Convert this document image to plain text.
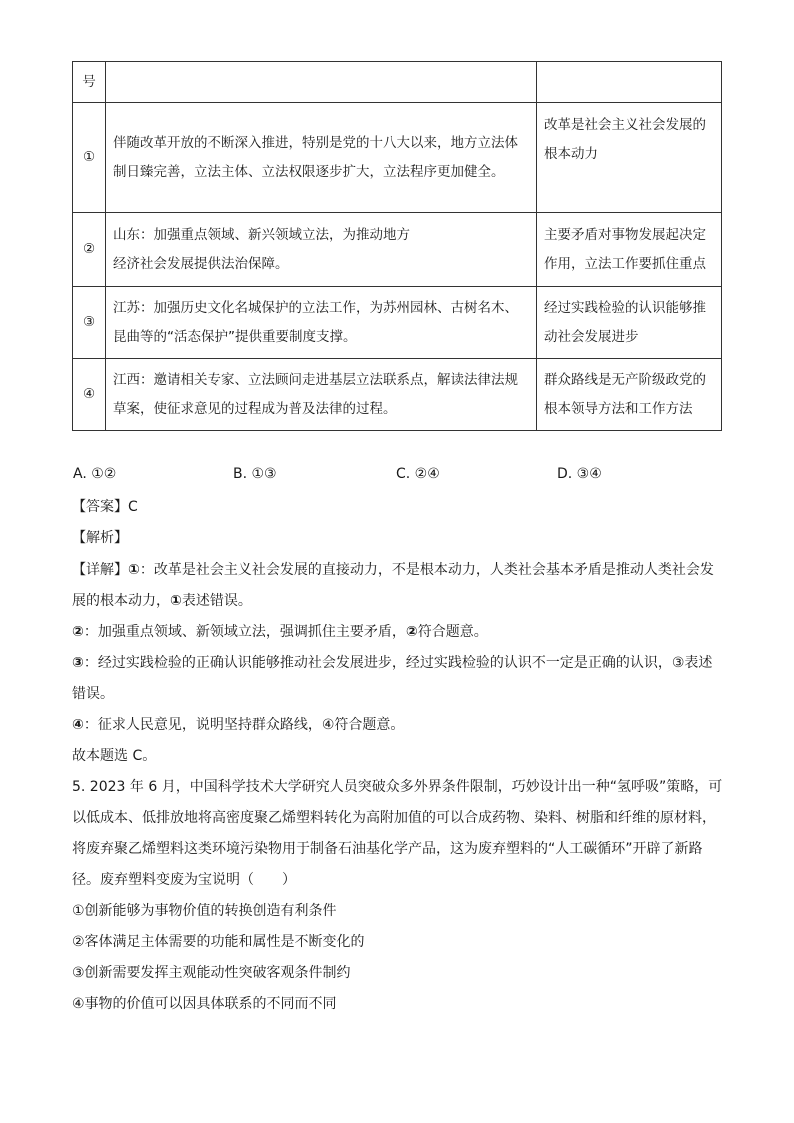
号		
①	伴随改革开放的不断深入推进，特别是党的十八大以来，地方立法体
制日臻完善，立法主体、立法权限逐步扩大，立法程序更加健全。	改革是社会主义社会发展的
根本动力

②	山东：加强重点领域、新兴领域立法，为推动地方
经济社会发展提供法治保障。	主要矛盾对事物发展起决定
作用，立法工作要抓住重点

③	江苏：加强历史文化名城保护的立法工作，为苏州园林、古树名木、
昆曲等的“活态保护”提供重要制度支撑。	经过实践检验的认识能够推
动社会发展进步

④	江西：邀请相关专家、立法顾问走进基层立法联系点，解读法律法规
草案，使征求意见的过程成为普及法律的过程。	群众路线是无产阶级政党的
根本领导方法和工作方法
A. ①②	B. ①③	C. ②④	D. ③④
【答案】C
【解析】
【详解】①：改革是社会主义社会发展的直接动力，不是根本动力，人类社会基本矛盾是推动人类社会发
展的根本动力，①表述错误。
②：加强重点领域、新领域立法，强调抓住主要矛盾，②符合题意。
③：经过实践检验的正确认识能够推动社会发展进步，经过实践检验的认识不一定是正确的认识，③表述
错误。
④：征求人民意见，说明坚持群众路线，④符合题意。
故本题选 C。
5. 2023 年 6 月，中国科学技术大学研究人员突破众多外界条件限制，巧妙设计出一种“氢呼吸”策略，可
以低成本、低排放地将高密度聚乙烯塑料转化为高附加值的可以合成药物、染料、树脂和纤维的原材料，
将废弃聚乙烯塑料这类环境污染物用于制备石油基化学产品，这为废弃塑料的“人工碳循环”开辟了新路
径。废弃塑料变废为宝说明（　　）
①创新能够为事物价值的转换创造有利条件
②客体满足主体需要的功能和属性是不断变化的
③创新需要发挥主观能动性突破客观条件制约
④事物的价值可以因具体联系的不同而不同
